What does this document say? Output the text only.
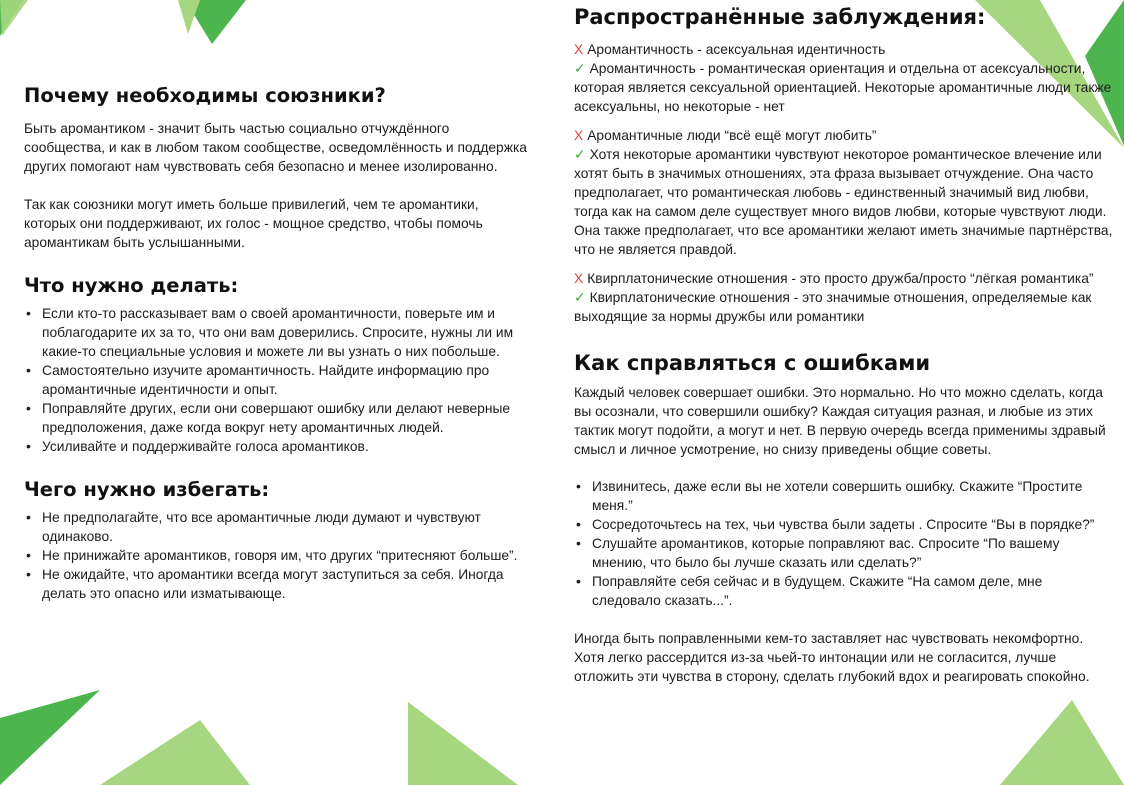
Почему необходимы союзники?

Быть аромантиком - значит быть частью социально отчуждённого сообщества, и как в любом таком сообществе, осведомлённость и поддержка других помогают нам чувствовать себя безопасно и менее изолированно.

Так как союзники могут иметь больше привилегий, чем те аромантики, которых они поддерживают, их голос - мощное средство, чтобы помочь аромантикам быть услышанными.

Что нужно делать:
• Если кто-то рассказывает вам о своей аромантичности, поверьте им и поблагодарите их за то, что они вам доверились. Спросите, нужны ли им какие-то специальные условия и можете ли вы узнать о них побольше.
• Самостоятельно изучите аромантичность. Найдите информацию про аромантичные идентичности и опыт.
• Поправляйте других, если они совершают ошибку или делают неверные предположения, даже когда вокруг нету аромантичных людей.
• Усиливайте и поддерживайте голоса аромантиков.
Чего нужно избегать:
• Не предполагайте, что все аромантичные люди думают и чувствуют одинаково.
• Не принижайте аромантиков, говоря им, что других “притесняют больше”.
• Не ожидайте, что аромантики всегда могут заступиться за себя. Иногда делать это опасно или изматывающе.
Распространённые заблуждения:

X Аромантичность - асексуальная идентичность

✓ Аромантичность - романтическая ориентация и отдельна от асексуальности, которая является сексуальной ориентацией. Некоторые аромантичные люди также асексуальны, но некоторые - нет

X Аромантичные люди “всё ещё могут любить”

✓ Хотя некоторые аромантики чувствуют некоторое романтическое влечение или хотят быть в значимых отношениях, эта фраза вызывает отчуждение. Она часто предполагает, что романтическая любовь - единственный значимый вид любви, тогда как на самом деле существует много видов любви, которые чувствуют люди. Она также предполагает, что все аромантики желают иметь значимые партнёрства, что не является правдой.

X Квирплатонические отношения - это просто дружба/просто “лёгкая романтика”

✓ Квирплатонические отношения - это значимые отношения, определяемые как выходящие за нормы дружбы или романтики

Как справляться с ошибками

Каждый человек совершает ошибки. Это нормально. Но что можно сделать, когда вы осознали, что совершили ошибку? Каждая ситуация разная, и любые из этих тактик могут подойти, а могут и нет. В первую очередь всегда применимы здравый смысл и личное усмотрение, но снизу приведены общие советы.

• Извинитесь, даже если вы не хотели совершить ошибку. Скажите “Простите меня.”
• Сосредоточьтесь на тех, чьи чувства были задеты . Спросите “Вы в порядке?”
• Слушайте аромантиков, которые поправляют вас. Спросите “По вашему мнению, что было бы лучше сказать или сделать?”
• Поправляйте себя сейчас и в будущем. Скажите “На самом деле, мне следовало сказать...”.

Иногда быть поправленными кем-то заставляет нас чувствовать некомфортно. Хотя легко рассердится из-за чьей-то интонации или не согласится, лучше отложить эти чувства в сторону, сделать глубокий вдох и реагировать спокойно.
